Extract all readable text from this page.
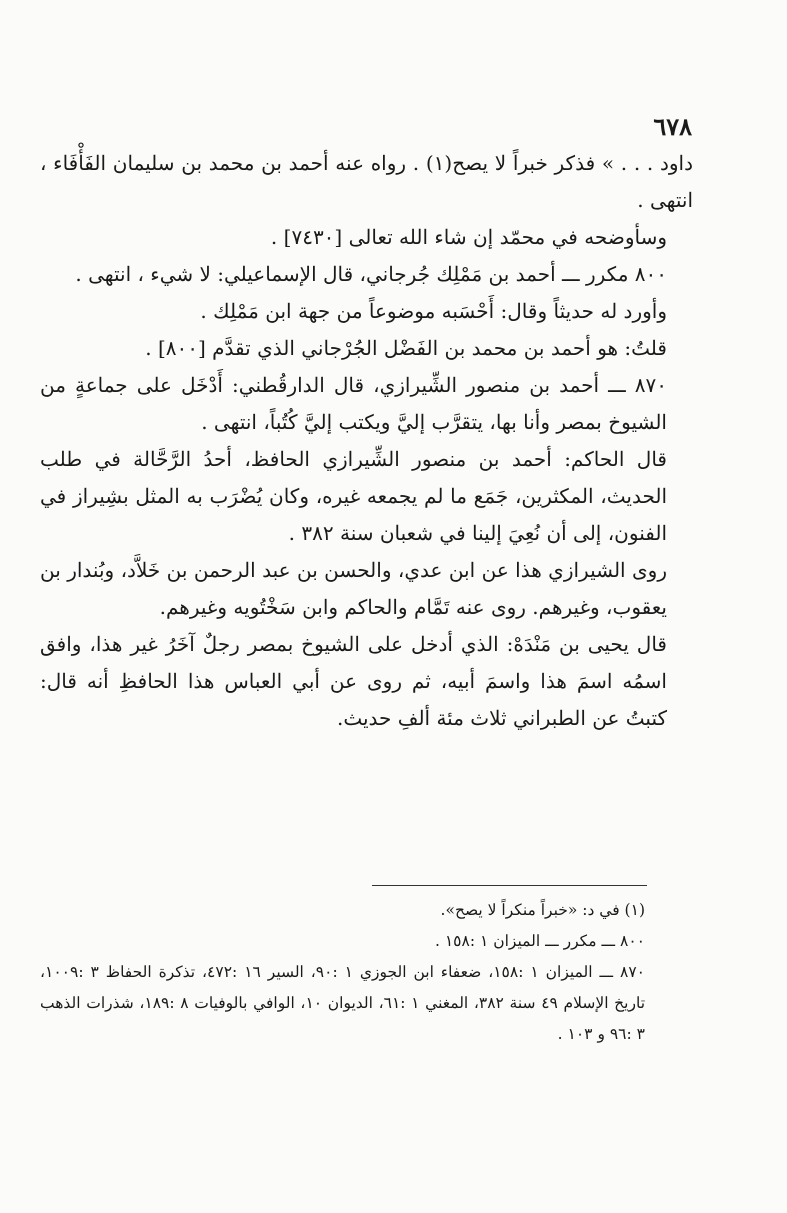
٦٧٨

داود . . . » فذكر خبراً لا يصح(١) . رواه عنه أحمد بن محمد بن سليمان الفَأْفَاء ، انتهى .

وسأوضحه في محمّد إن شاء الله تعالى [٧٤٣٠] .

٨٠٠ مكرر ـــ أحمد بن مَمْلِك جُرجاني، قال الإسماعيلي: لا شيء ، انتهى .

وأورد له حديثاً وقال: أَحْسَبه موضوعاً من جهة ابن مَمْلِك .

قلتُ: هو أحمد بن محمد بن الفَضْل الجُرْجاني الذي تقدَّم [٨٠٠] .

٨٧٠ ـــ أحمد بن منصور الشِّيرازي، قال الدارقُطني: أَدْخَل على جماعةٍ من الشيوخ بمصر وأنا بها، يتقرَّب إليَّ ويكتب إليَّ كُتُباً، انتهى .

قال الحاكم: أحمد بن منصور الشِّيرازي الحافظ، أحدُ الرَّحَّالة في طلب الحديث، المكثرين، جَمَع ما لم يجمعه غيره، وكان يُضْرَب به المثل بشِيراز في الفنون، إلى أن نُعِيَ إلينا في شعبان سنة ٣٨٢ .

روى الشيرازي هذا عن ابن عدي، والحسن بن عبد الرحمن بن خَلاَّد، وبُندار بن يعقوب، وغيرهم. روى عنه تَمَّام والحاكم وابن سَخْتُويه وغيرهم.

قال يحيى بن مَنْدَهْ: الذي أدخل على الشيوخ بمصر رجلٌ آخَرُ غير هذا، وافق اسمُه اسمَ هذا واسمَ أبيه، ثم روى عن أبي العباس هذا الحافظِ أنه قال: كتبتُ عن الطبراني ثلاث مئة ألفِ حديث.

(١) في د: «خبراً منكراً لا يصح».

٨٠٠ ـــ مكرر ـــ الميزان ١ :١٥٨ .

٨٧٠ ـــ الميزان ١ :١٥٨، ضعفاء ابن الجوزي ١ :٩٠، السير ١٦ :٤٧٢، تذكرة الحفاظ ٣ :١٠٠٩، تاريخ الإسلام ٤٩ سنة ٣٨٢، المغني ١ :٦١، الديوان ١٠، الوافي بالوفيات ٨ :١٨٩، شذرات الذهب ٣ :٩٦ و ١٠٣ .
